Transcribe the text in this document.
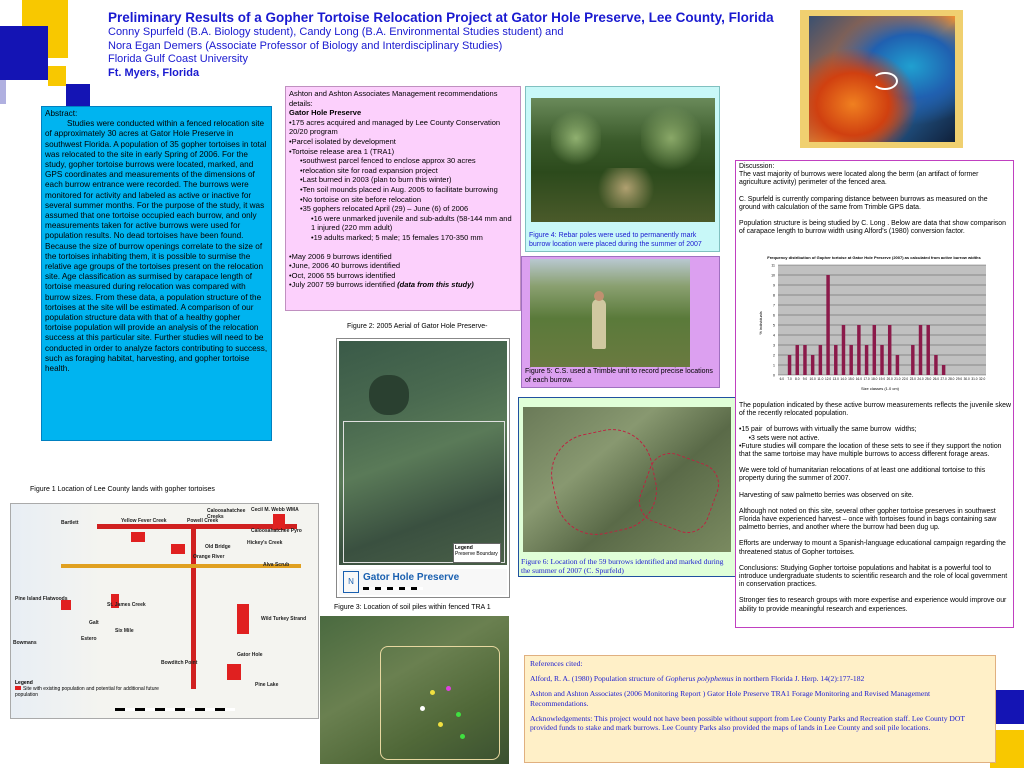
Preliminary Results of a Gopher Tortoise Relocation Project at Gator Hole Preserve, Lee County, Florida
Conny Spurfeld (B.A. Biology student), Candy Long (B.A. Environmental Studies student) and
Nora Egan Demers (Associate Professor of Biology and Interdisciplinary Studies)
Florida Gulf Coast University
Ft. Myers, Florida
Abstract:
Studies were conducted within a fenced relocation site of approximately 30 acres at Gator Hole Preserve in southwest Florida. A population of 35 gopher tortoises in total was relocated to the site in early Spring of 2006. For the study, gopher tortoise burrows were located, marked, and GPS coordinates and measurements of the dimensions of each burrow entrance were recorded. The burrows were monitored for activity and labeled as active or inactive for several summer months. For the purpose of the study, it was assumed that one tortoise occupied each burrow, and only measurements taken for active burrows were used for population results. No dead tortoises have been found. Because the size of burrow openings correlate to the size of the tortoises inhabiting them, it is possible to surmise the relative age groups of the tortoises present on the relocation site. Age classification as surmised by carapace length of tortoise measured during relocation was compared with burrow sizes. From these data, a population structure of the tortoises at the site will be estimated. A comparison of our population structure data with that of a healthy gopher tortoise population will provide an analysis of the relocation success at this particular site. Further studies will need to be conducted in order to analyze factors contributing to success, such as foraging habitat, harvesting, and gopher tortoise health.
Ashton and Ashton Associates Management recommendations details:
Gator Hole Preserve
•175 acres acquired and managed by Lee County Conservation 20/20 program
•Parcel isolated by development
•Tortoise release area 1 (TRA1)
•southwest parcel fenced to enclose approx 30 acres
•relocation site for road expansion project
•Last burned in 2003 (plan to burn this winter)
•Ten soil mounds placed in Aug. 2005 to facilitate burrowing
•No tortoise on site before relocation
•35 gophers relocated April (29) – June (6) of 2006
•16 were unmarked juvenile and sub-adults (58-144 mm and 1 injured (220 mm adult)
•19 adults marked; 5 male; 15 females 170-350 mm
•May 2006 9 burrows identified
•June, 2006 40 burrows identified
•Oct, 2006 55 burrows identified
•July 2007 59 burrows identified (data from this study)
Figure 4: Rebar poles were used to permanently mark burrow location were placed during the summer of 2007
Figure 5: C.S. used a Trimble unit to record precise locations of each burrow.
Figure 2: 2005 Aerial of Gator Hole Preserve-
Legend
Preserve Boundary
N Gator Hole Preserve
Figure 3: Location of soil piles within fenced TRA 1
Figure 6: Location of the 59 burrows identified and marked during the summer of 2007 (C. Spurfeld)
Figure 1 Location of Lee County lands with gopher tortoises
Cecil M. Webb WMA
Yellow Fever Creek	Powell Creek
Caloosahatchee Creeks
Caloosahatchee Pyro
Hickey's Creek
Alva Scrub
Bartlett
Orange River
Old Bridge
Pine Island Flatwoods
St. James Creek
Galt
Six Mile
Wild Turkey Strand
Gator Hole
Bowditch Point
Estero
Pine Lake
Bowmans
Legend
Site with existing population and potential for additional future population
Discussion:
The vast majority of burrows were located along the berm (an artifact of former agriculture activity) perimeter of the fenced area.
C. Spurfeld is currently comparing distance between burrows as measured on the ground with calculation of the same from Trimble GPS data.
Population structure is being studied by C. Long . Below are data that show comparison of carapace length to burrow width using Alford's (1980) conversion factor.
Frequency distribution of Gopher tortoise at Gator Hole Preserve (2007) as calculated from active burrow widths
% individuals
Size classes (1.0 cm)
0
1
2
3
4
5
6
7
8
9
10
11
6.0 7.0 8.0 9.0 10.0 11.0 12.0 13.0 14.0 15.0 16.0 17.0 18.0 19.0 20.0 21.0 22.0 23.0 24.0 25.0 26.0 27.0 28.0 29.0 30.0 31.0 32.0
The population indicated by these active burrow measurements reflects the juvenile skew of the recently relocated population.
•15 pair  of burrows with virtually the same burrow  widths;
•3 sets were not active.
•Future studies will compare the location of these sets to see if they support the notion that the same tortoise may have multiple burrows to access different forage areas.
We were told of humanitarian relocations of at least one additional tortoise to this property during the summer of 2007.
Harvesting of saw palmetto berries was observed on site.
Although not noted on this site, several other gopher tortoise preserves in southwest Florida have experienced harvest – once with tortoises found in bags containing saw palmetto berries, and another where the burrow had been dug up.
Efforts are underway to mount a Spanish-language educational campaign regarding the threatened status of Gopher tortoises.
Conclusions: Studying Gopher tortoise populations and habitat is a powerful tool to introduce undergraduate students to scientific research and the role of local government in conservation practices.
Stronger ties to research groups with more expertise and experience would improve our ability to provide meaningful research and experiences.
References cited:
Alford, R. A. (1980) Population structure of Gopherus polyphemus in northern Florida J. Herp. 14(2):177-182
Ashton and Ashton Associates (2006 Monitoring Report ) Gator Hole Preserve TRA1 Forage Monitoring and Revised Management Recommendations.
Acknowledgements: This project would not have been possible without support from Lee County Parks and Recreation staff. Lee County DOT provided funds to stake and mark burrows. Lee County Parks also provided the maps of lands in Lee County and soil pile locations.
